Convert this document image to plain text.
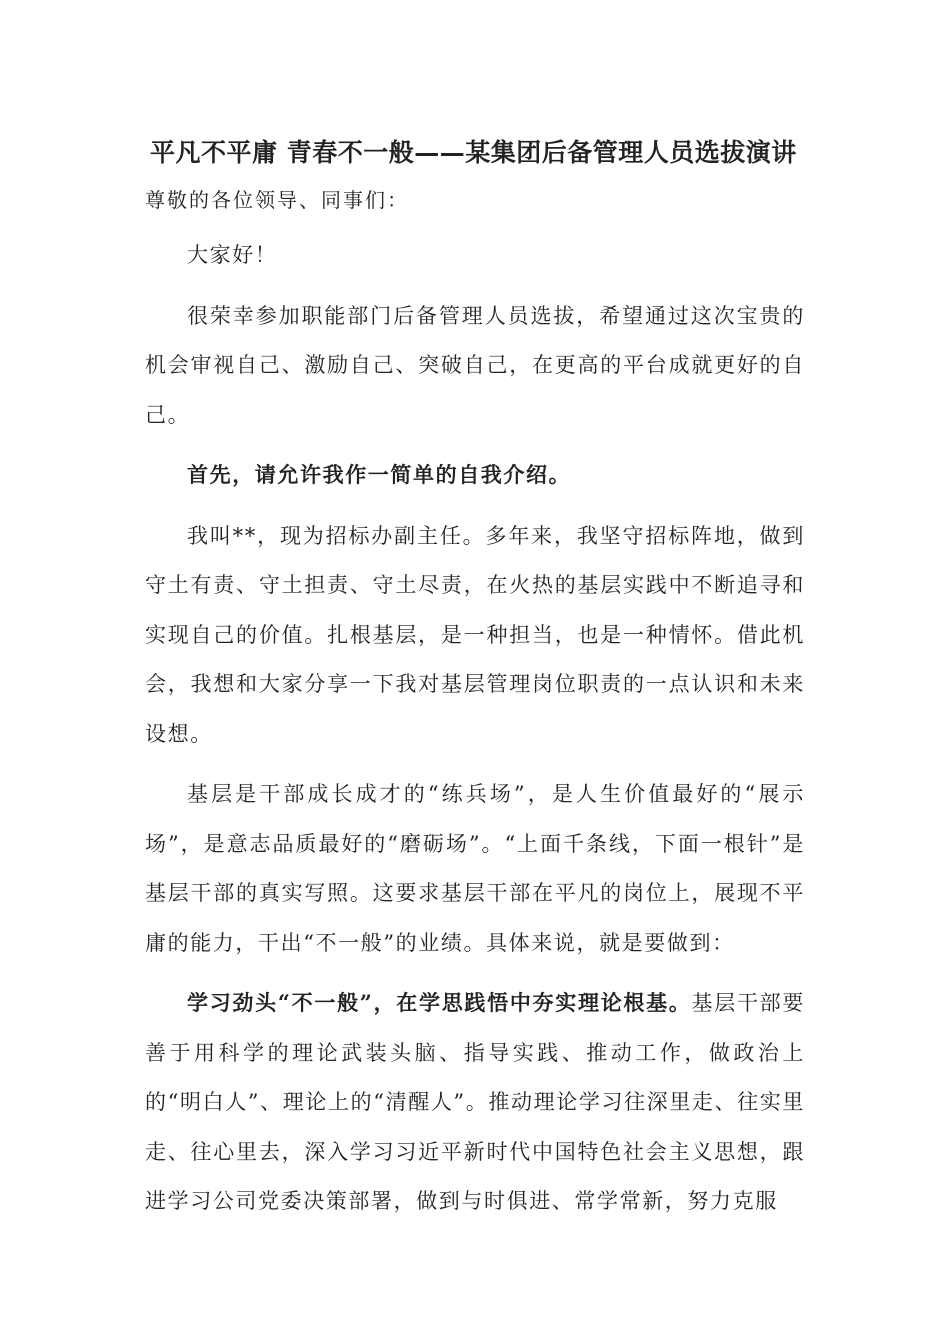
平凡不平庸 青春不一般——某集团后备管理人员选拔演讲
尊敬的各位领导、同事们：

大家好！

很荣幸参加职能部门后备管理人员选拔，希望通过这次宝贵的机会审视自己、激励自己、突破自己，在更高的平台成就更好的自己。

首先，请允许我作一简单的自我介绍。

我叫**，现为招标办副主任。多年来，我坚守招标阵地，做到守土有责、守土担责、守土尽责，在火热的基层实践中不断追寻和实现自己的价值。扎根基层，是一种担当，也是一种情怀。借此机会，我想和大家分享一下我对基层管理岗位职责的一点认识和未来设想。

基层是干部成长成才的“练兵场”，是人生价值最好的“展示场”，是意志品质最好的“磨砺场”。“上面千条线，下面一根针”是基层干部的真实写照。这要求基层干部在平凡的岗位上，展现不平庸的能力，干出“不一般”的业绩。具体来说，就是要做到：

学习劲头“不一般”，在学思践悟中夯实理论根基。基层干部要善于用科学的理论武装头脑、指导实践、推动工作，做政治上的“明白人”、理论上的“清醒人”。推动理论学习往深里走、往实里走、往心里去，深入学习习近平新时代中国特色社会主义思想，跟进学习公司党委决策部署，做到与时俱进、常学常新，努力克服
